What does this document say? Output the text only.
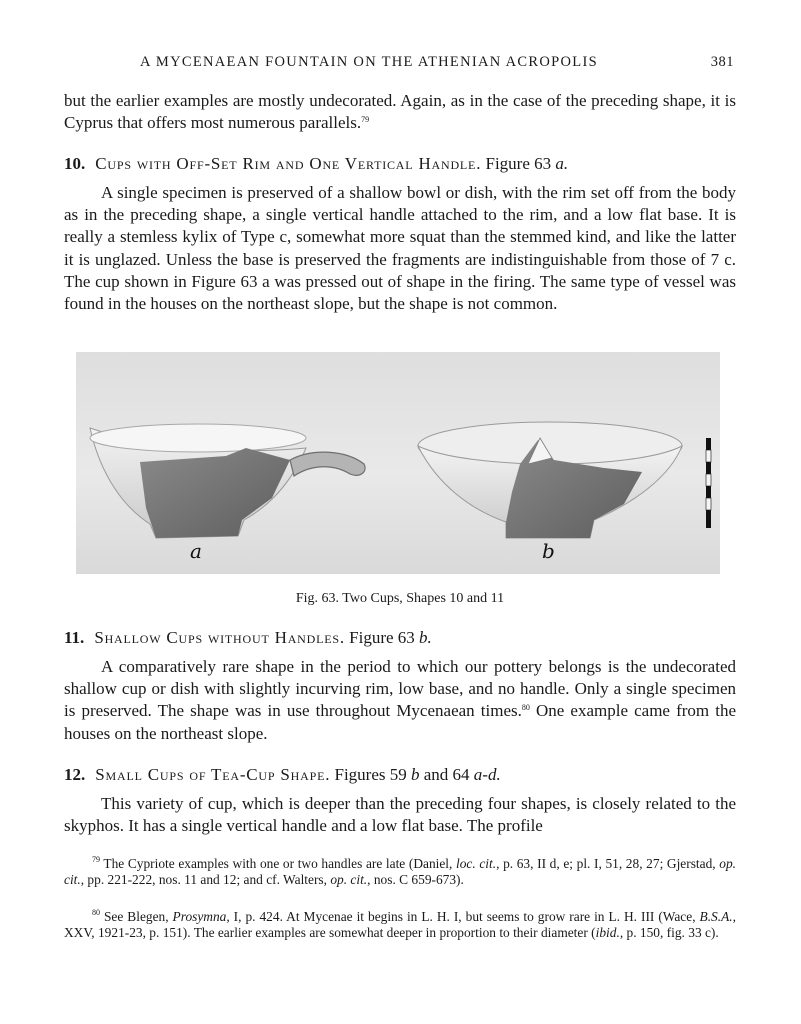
A MYCENAEAN FOUNTAIN ON THE ATHENIAN ACROPOLIS	381

but the earlier examples are mostly undecorated. Again, as in the case of the preceding shape, it is Cyprus that offers most numerous parallels.$^{79}$

10. Cups with Off-Set Rim and One Vertical Handle. Figure 63 a.

A single specimen is preserved of a shallow bowl or dish, with the rim set off from the body as in the preceding shape, a single vertical handle attached to the rim, and a low flat base. It is really a stemless kylix of Type c, somewhat more squat than the stemmed kind, and like the latter it is unglazed. Unless the base is preserved the fragments are indistinguishable from those of 7 c. The cup shown in Figure 63 a was pressed out of shape in the firing. The same type of vessel was found in the houses on the northeast slope, but the shape is not common.

a	b
Fig. 63. Two Cups, Shapes 10 and 11

11. Shallow Cups without Handles. Figure 63 b.

A comparatively rare shape in the period to which our pottery belongs is the undecorated shallow cup or dish with slightly incurving rim, low base, and no handle. Only a single specimen is preserved. The shape was in use throughout Mycenaean times.$^{80}$ One example came from the houses on the northeast slope.

12. Small Cups of Tea-Cup Shape. Figures 59 b and 64 a-d.

This variety of cup, which is deeper than the preceding four shapes, is closely related to the skyphos. It has a single vertical handle and a low flat base. The profile

$^{79}$ The Cypriote examples with one or two handles are late (Daniel, loc. cit., p. 63, II d, e; pl. I, 51, 28, 27; Gjerstad, op. cit., pp. 221-222, nos. 11 and 12; and cf. Walters, op. cit., nos. C 659-673).

$^{80}$ See Blegen, Prosymna, I, p. 424. At Mycenae it begins in L. H. I, but seems to grow rare in L. H. III (Wace, B.S.A., XXV, 1921-23, p. 151). The earlier examples are somewhat deeper in proportion to their diameter (ibid., p. 150, fig. 33 c).
